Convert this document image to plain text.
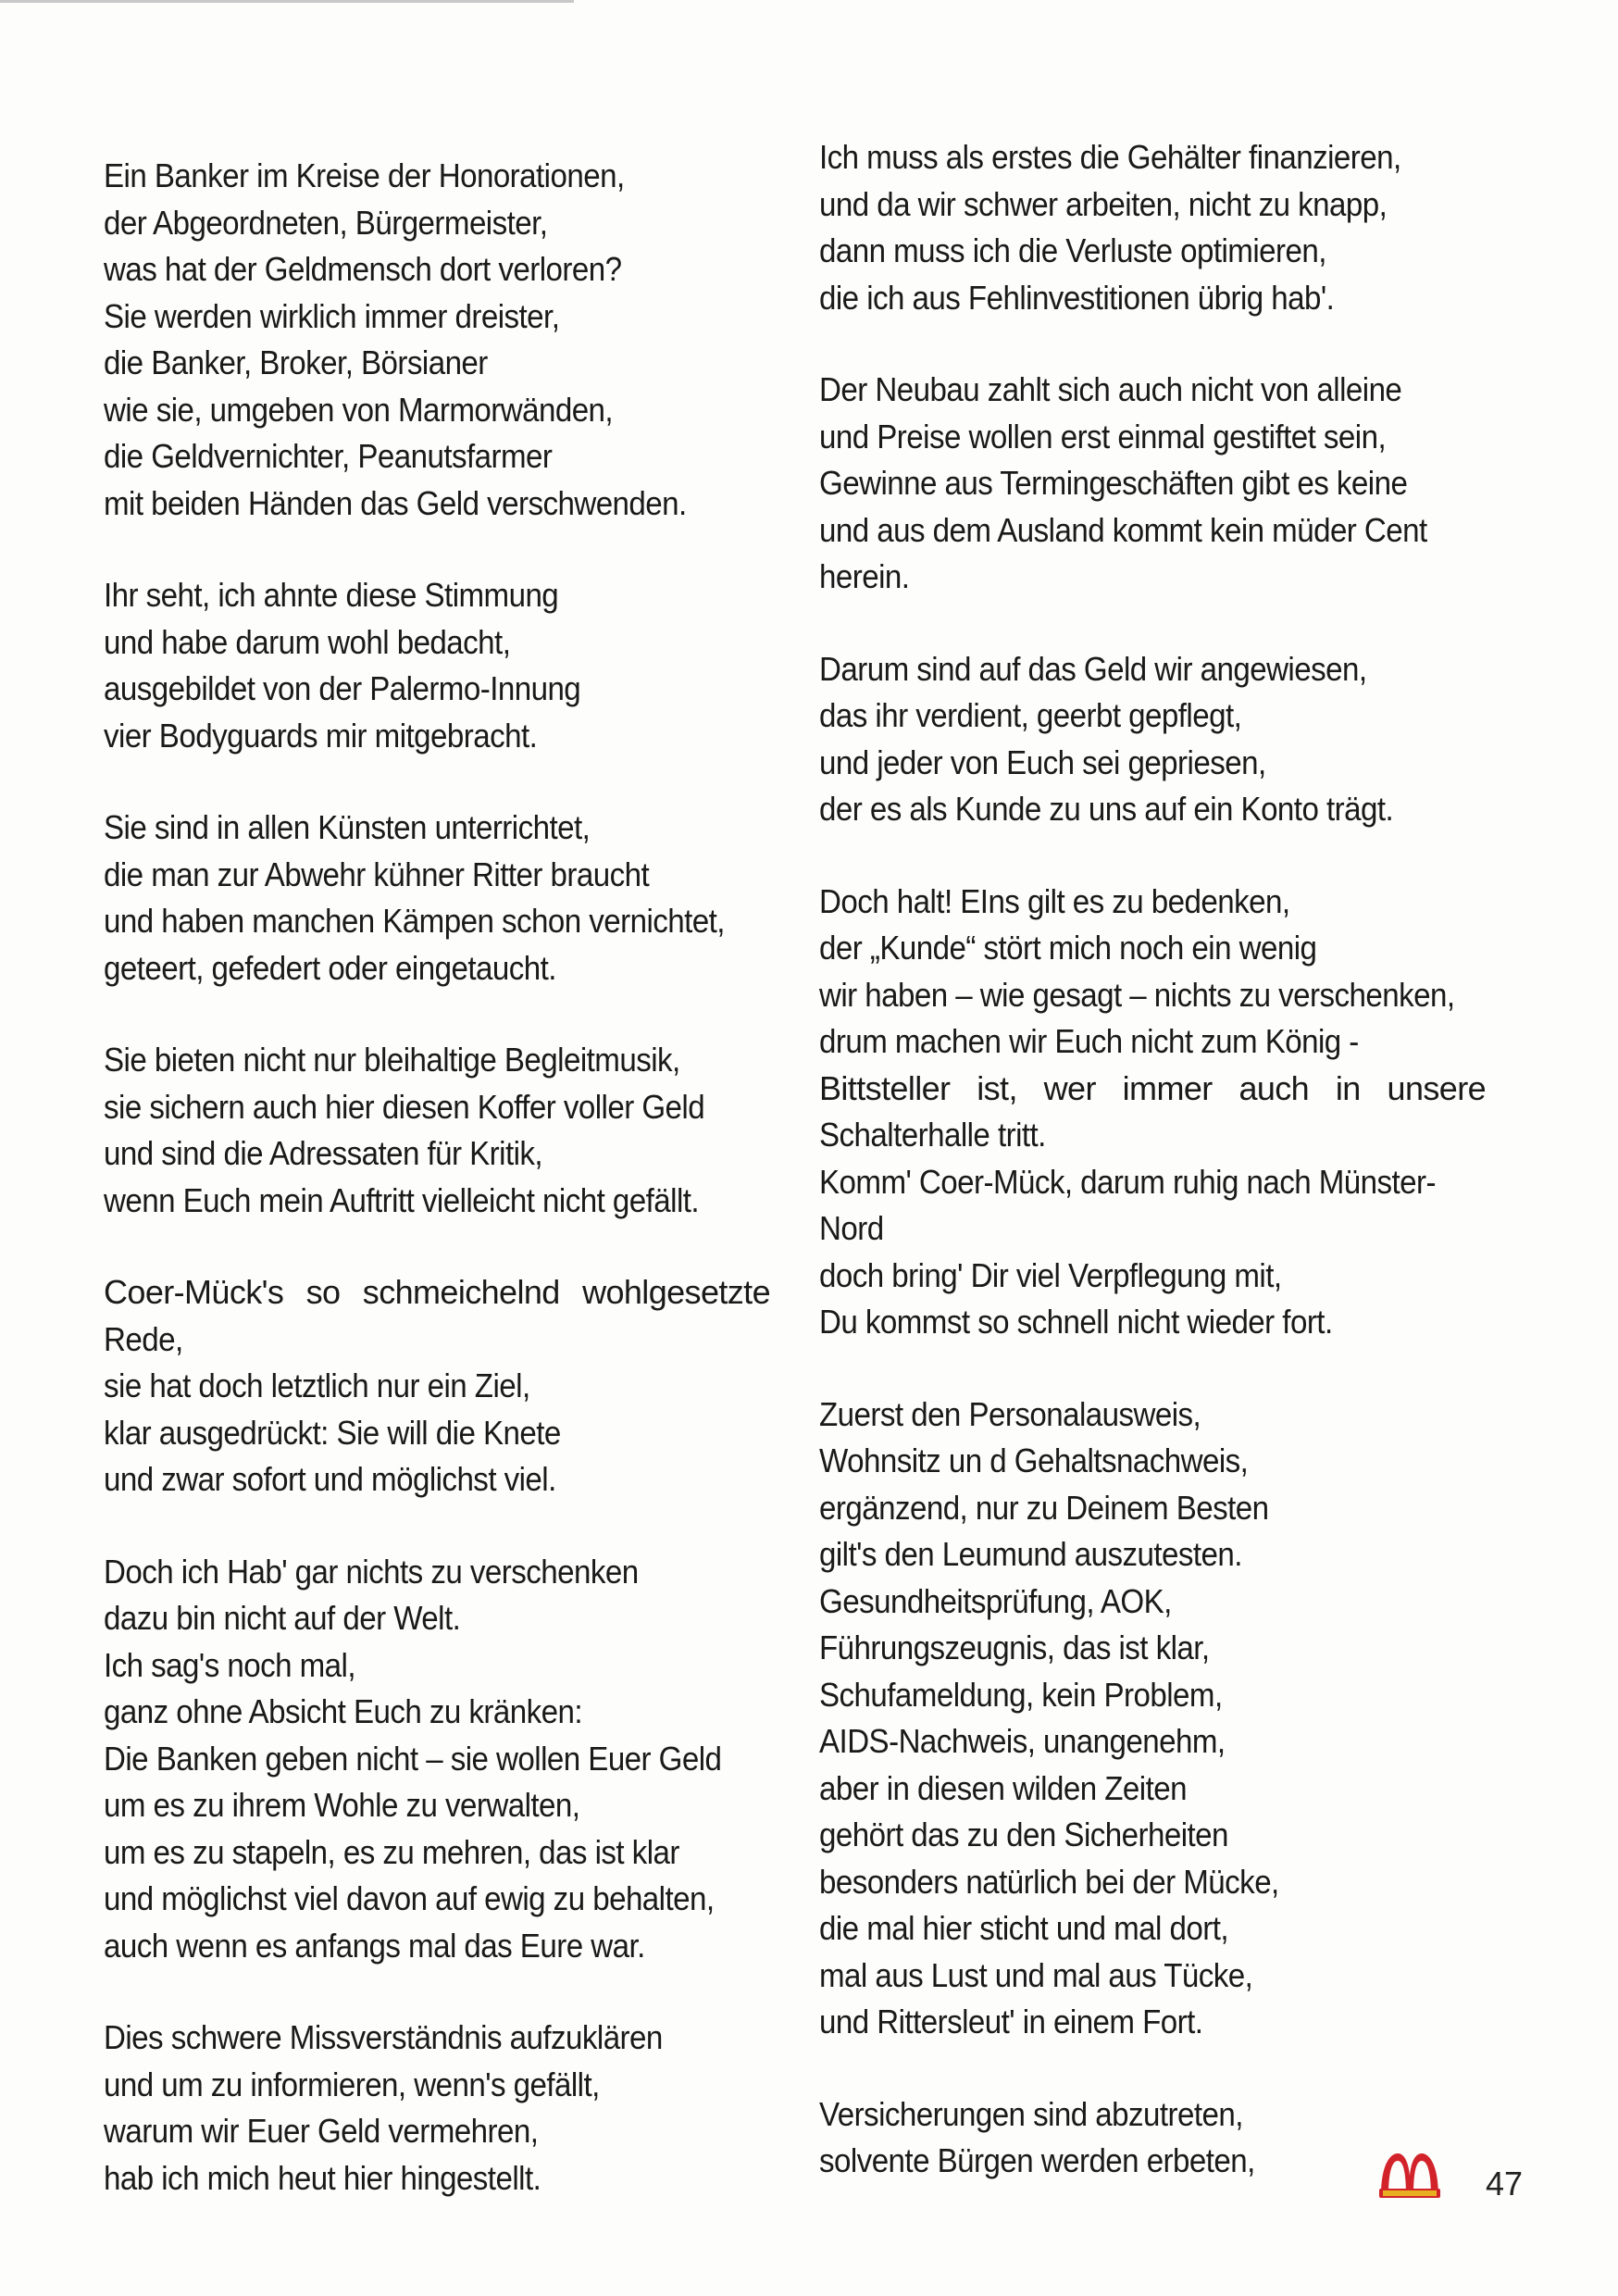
Ein Banker im Kreise der Honorationen,
der Abgeordneten, Bürgermeister,
was hat der Geldmensch dort verloren?
Sie werden wirklich immer dreister,
die Banker, Broker, Börsianer
wie sie, umgeben von Marmorwänden,
die Geldvernichter, Peanutsfarmer
mit beiden Händen das Geld verschwenden.
Ihr seht, ich ahnte diese Stimmung
und habe darum wohl bedacht,
ausgebildet von der Palermo-Innung
vier Bodyguards mir mitgebracht.
Sie sind in allen Künsten unterrichtet,
die man zur Abwehr kühner Ritter braucht
und haben manchen Kämpen schon vernichtet,
geteert, gefedert oder eingetaucht.
Sie bieten nicht nur bleihaltige Begleitmusik,
sie sichern auch hier diesen Koffer voller Geld
und sind die Adressaten für Kritik,
wenn Euch mein Auftritt vielleicht nicht gefällt.
Coer-Mück's so schmeichelnd wohlgesetzte
Rede,
sie hat doch letztlich nur ein Ziel,
klar ausgedrückt: Sie will die Knete
und zwar sofort und möglichst viel.
Doch ich Hab' gar nichts zu verschenken
dazu bin nicht auf der Welt.
Ich sag's noch mal,
ganz ohne Absicht Euch zu kränken:
Die Banken geben nicht – sie wollen Euer Geld
um es zu ihrem Wohle zu verwalten,
um es zu stapeln, es zu mehren, das ist klar
und möglichst viel davon auf ewig zu behalten,
auch wenn es anfangs mal das Eure war.
Dies schwere Missverständnis aufzuklären
und um zu informieren, wenn's gefällt,
warum wir Euer Geld vermehren,
hab ich mich heut hier hingestellt.
Ich muss als erstes die Gehälter finanzieren,
und da wir schwer arbeiten, nicht zu knapp,
dann muss ich die Verluste optimieren,
die ich aus Fehlinvestitionen übrig hab'.
Der Neubau zahlt sich auch nicht von alleine
und Preise wollen erst einmal gestiftet sein,
Gewinne aus Termingeschäften gibt es keine
und aus dem Ausland kommt kein müder Cent
herein.
Darum sind auf das Geld wir angewiesen,
das ihr verdient, geerbt gepflegt,
und jeder von Euch sei gepriesen,
der es als Kunde zu uns auf ein Konto trägt.
Doch halt! EIns gilt es zu bedenken,
der „Kunde“ stört mich noch ein wenig
wir haben – wie gesagt – nichts zu verschenken,
drum machen wir Euch nicht zum König -
Bittsteller ist, wer immer auch in unsere
Schalterhalle tritt.
Komm' Coer-Mück, darum ruhig nach Münster-
Nord
doch bring' Dir viel Verpflegung mit,
Du kommst so schnell nicht wieder fort.
Zuerst den Personalausweis,
Wohnsitz un d Gehaltsnachweis,
ergänzend, nur zu Deinem Besten
gilt's den Leumund auszutesten.
Gesundheitsprüfung, AOK,
Führungszeugnis, das ist klar,
Schufameldung, kein Problem,
AIDS-Nachweis, unangenehm,
aber in diesen wilden Zeiten
gehört das zu den Sicherheiten
besonders natürlich bei der Mücke,
die mal hier sticht und mal dort,
mal aus Lust und mal aus Tücke,
und Rittersleut' in einem Fort.
Versicherungen sind abzutreten,
solvente Bürgen werden erbeten,
47
